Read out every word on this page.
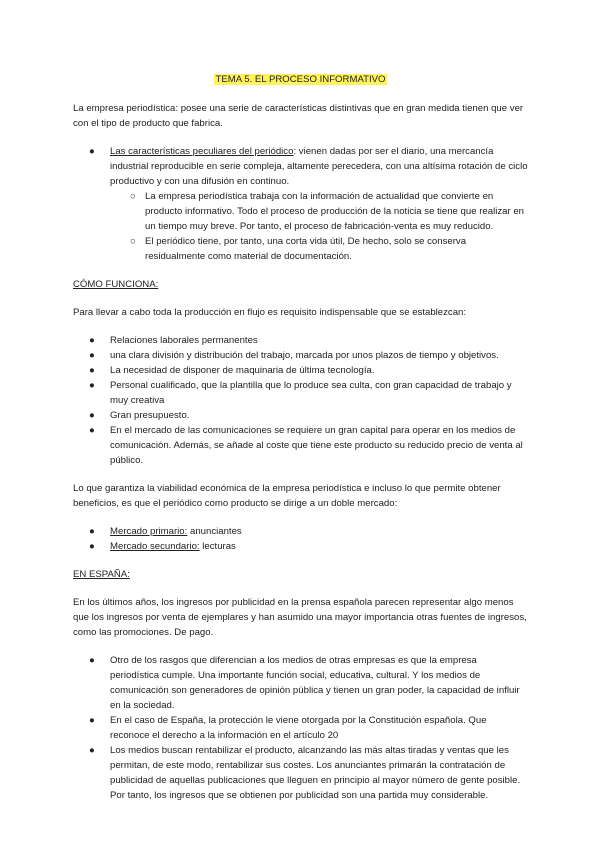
TEMA 5. EL PROCESO INFORMATIVO

La empresa periodística: posee una serie de características distintivas que en gran medida tienen que ver con el tipo de producto que fabrica.

● Las características peculiares del periódico: vienen dadas por ser el diario, una mercancía industrial reproducible en serie compleja, altamente perecedera, con una altísima rotación de ciclo productivo y con una difusión en continuo.
○ La empresa periodística trabaja con la información de actualidad que convierte en producto informativo. Todo el proceso de producción de la noticia se tiene que realizar en un tiempo muy breve. Por tanto, el proceso de fabricación-venta es muy reducido.
○ El periódico tiene, por tanto, una corta vida útil, De hecho, solo se conserva residualmente como material de documentación.

CÓMO FUNCIONA:

Para llevar a cabo toda la producción en flujo es requisito indispensable que se establezcan:

● Relaciones laborales permanentes
● una clara división y distribución del trabajo, marcada por unos plazos de tiempo y objetivos.
● La necesidad de disponer de maquinaria de última tecnología.
● Personal cualificado, que la plantilla que lo produce sea culta, con gran capacidad de trabajo y muy creativa
● Gran presupuesto.
● En el mercado de las comunicaciones se requiere un gran capital para operar en los medios de comunicación. Además, se añade al coste que tiene este producto su reducido precio de venta al público.

Lo que garantiza la viabilidad económica de la empresa periodística e incluso lo que permite obtener beneficios, es que el periódico como producto se dirige a un doble mercado:

● Mercado primario: anunciantes
● Mercado secundario: lecturas

EN ESPAÑA:

En los últimos años, los ingresos por publicidad en la prensa española parecen representar algo menos que los ingresos por venta de ejemplares y han asumido una mayor importancia otras fuentes de ingresos, como las promociones. De pago.

● Otro de los rasgos que diferencian a los medios de otras empresas es que la empresa periodística cumple. Una importante función social, educativa, cultural. Y los medios de comunicación son generadores de opinión pública y tienen un gran poder, la capacidad de influir en la sociedad.
● En el caso de España, la protección le viene otorgada por la Constitución española. Que reconoce el derecho a la información en el artículo 20
● Los medios buscan rentabilizar el producto, alcanzando las más altas tiradas y ventas que les permitan, de este modo, rentabilizar sus costes. Los anunciantes primarán la contratación de publicidad de aquellas publicaciones que lleguen en principio al mayor número de gente posible. Por tanto, los ingresos que se obtienen por publicidad son una partida muy considerable.
